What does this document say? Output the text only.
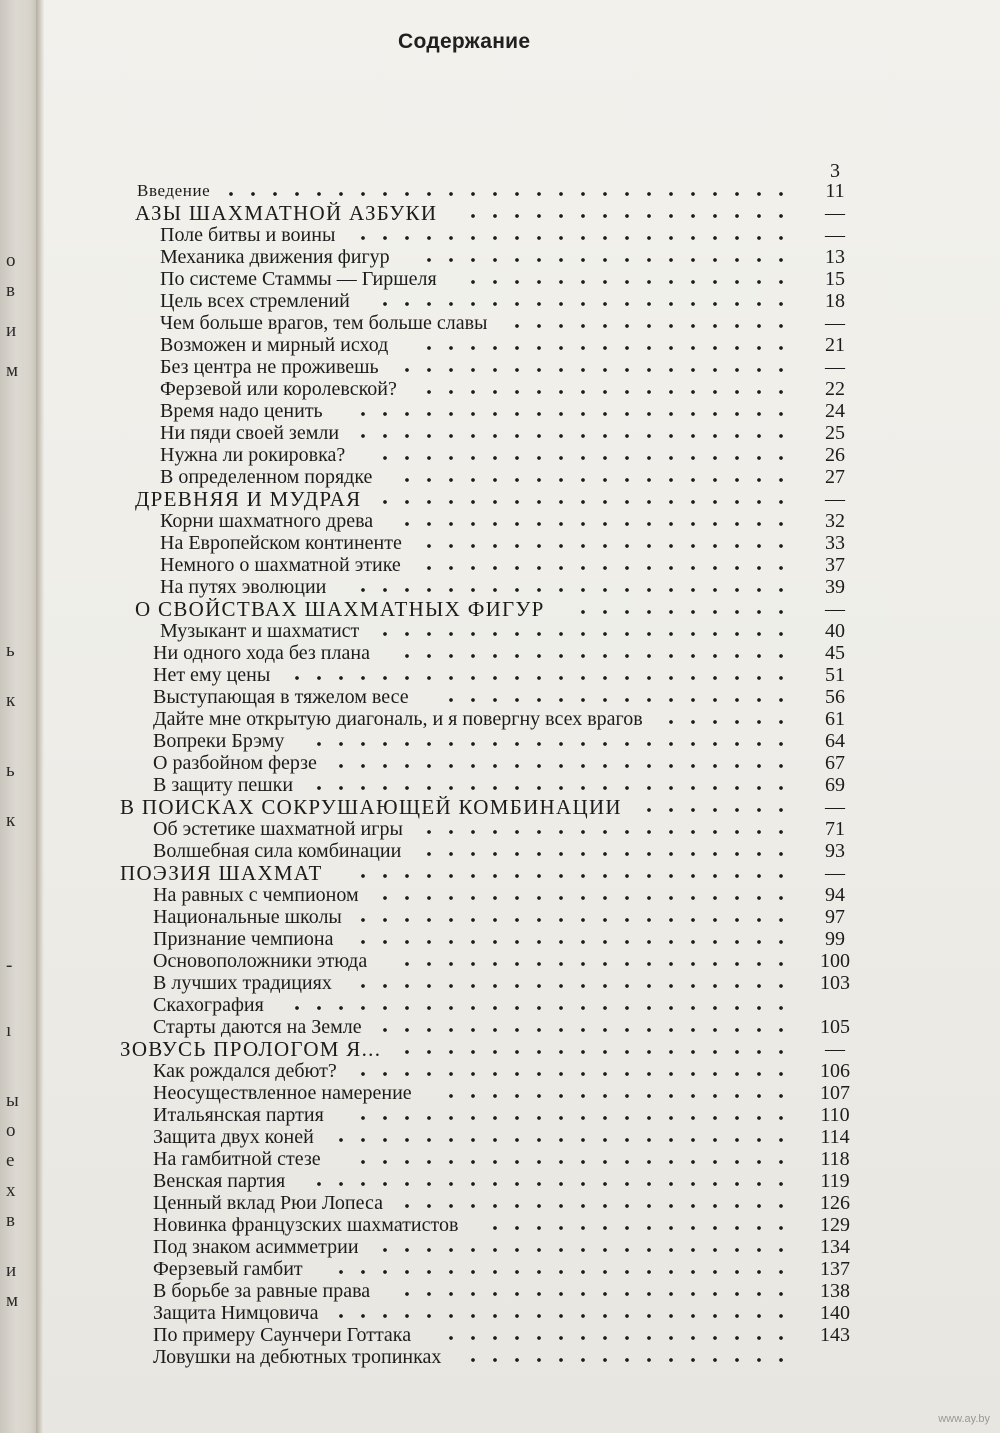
о
в
и
м
ь
к
ь
к
-
ı
ы
о
е
х
в
и
м
Содержание
3
Введение	11
АЗЫ ШАХМАТНОЙ АЗБУКИ	—
Поле битвы и воины	—
Механика движения фигур	13
По системе Стаммы — Гиршеля	15
Цель всех стремлений	18
Чем больше врагов, тем больше славы	—
Возможен и мирный исход	21
Без центра не проживешь	—
Ферзевой или королевской?	22
Время надо ценить	24
Ни пяди своей земли	25
Нужна ли рокировка?	26
В определенном порядке	27
ДРЕВНЯЯ И МУДРАЯ	—
Корни шахматного древа	32
На Европейском континенте	33
Немного о шахматной этике	37
На путях эволюции	39
О СВОЙСТВАХ ШАХМАТНЫХ ФИГУР	—
Музыкант и шахматист	40
Ни одного хода без плана	45
Нет ему цены	51
Выступающая в тяжелом весе	56
Дайте мне открытую диагональ, и я повергну всех врагов	61
Вопреки Брэму	64
О разбойном ферзе	67
В защиту пешки	69
В ПОИСКАХ СОКРУШАЮЩЕЙ КОМБИНАЦИИ	—
Об эстетике шахматной игры	71
Волшебная сила комбинации	93
ПОЭЗИЯ ШАХМАТ	—
На равных с чемпионом	94
Национальные школы	97
Признание чемпиона	99
Основоположники этюда	100
В лучших традициях	103
Скахография
Старты даются на Земле	105
ЗОВУСЬ ПРОЛОГОМ Я...	—
Как рождался дебют?	106
Неосуществленное намерение	107
Итальянская партия	110
Защита двух коней	114
На гамбитной стезе	118
Венская партия	119
Ценный вклад Рюи Лопеса	126
Новинка французских шахматистов	129
Под знаком асимметрии	134
Ферзевый гамбит	137
В борьбе за равные права	138
Защита Нимцовича	140
По примеру Саунчери Готтака	143
Ловушки на дебютных тропинках
www.ay.by
